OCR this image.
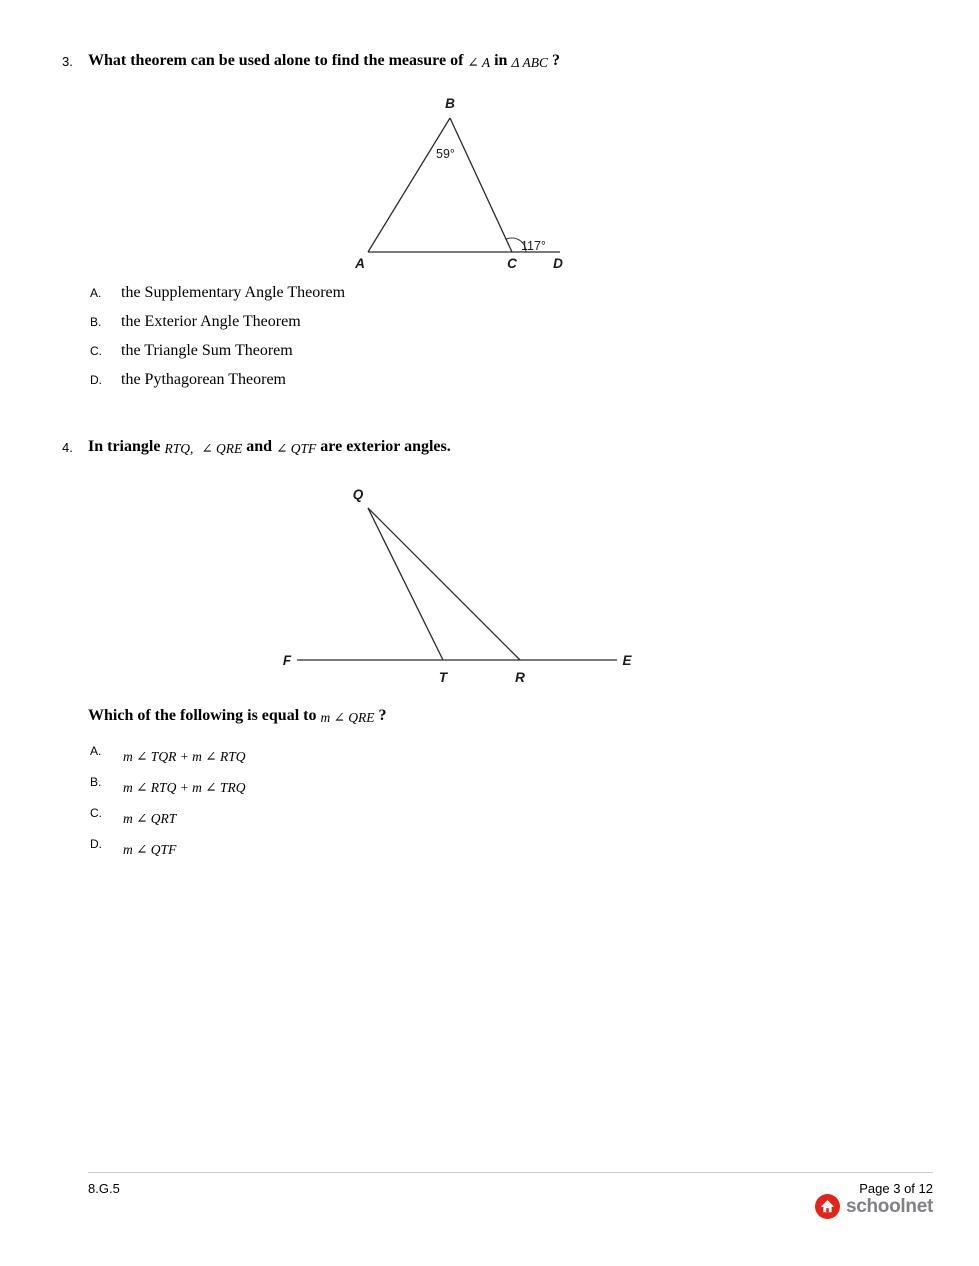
3. What theorem can be used alone to find the measure of ∠ A in Δ ABC ?
B
A	C	D
59°
117°
A.	the Supplementary Angle Theorem
B.	the Exterior Angle Theorem
C.	the Triangle Sum Theorem
D.	the Pythagorean Theorem
4. In triangle RTQ, ∠ QRE and ∠ QTF are exterior angles.
Q
F	E
T	R
Which of the following is equal to m ∠ QRE ?
A. m ∠ TQR + m ∠ RTQ
B. m ∠ RTQ + m ∠ TRQ
C. m ∠ QRT
D. m ∠ QTF
8.G.5	Page 3 of 12
schoolnet
